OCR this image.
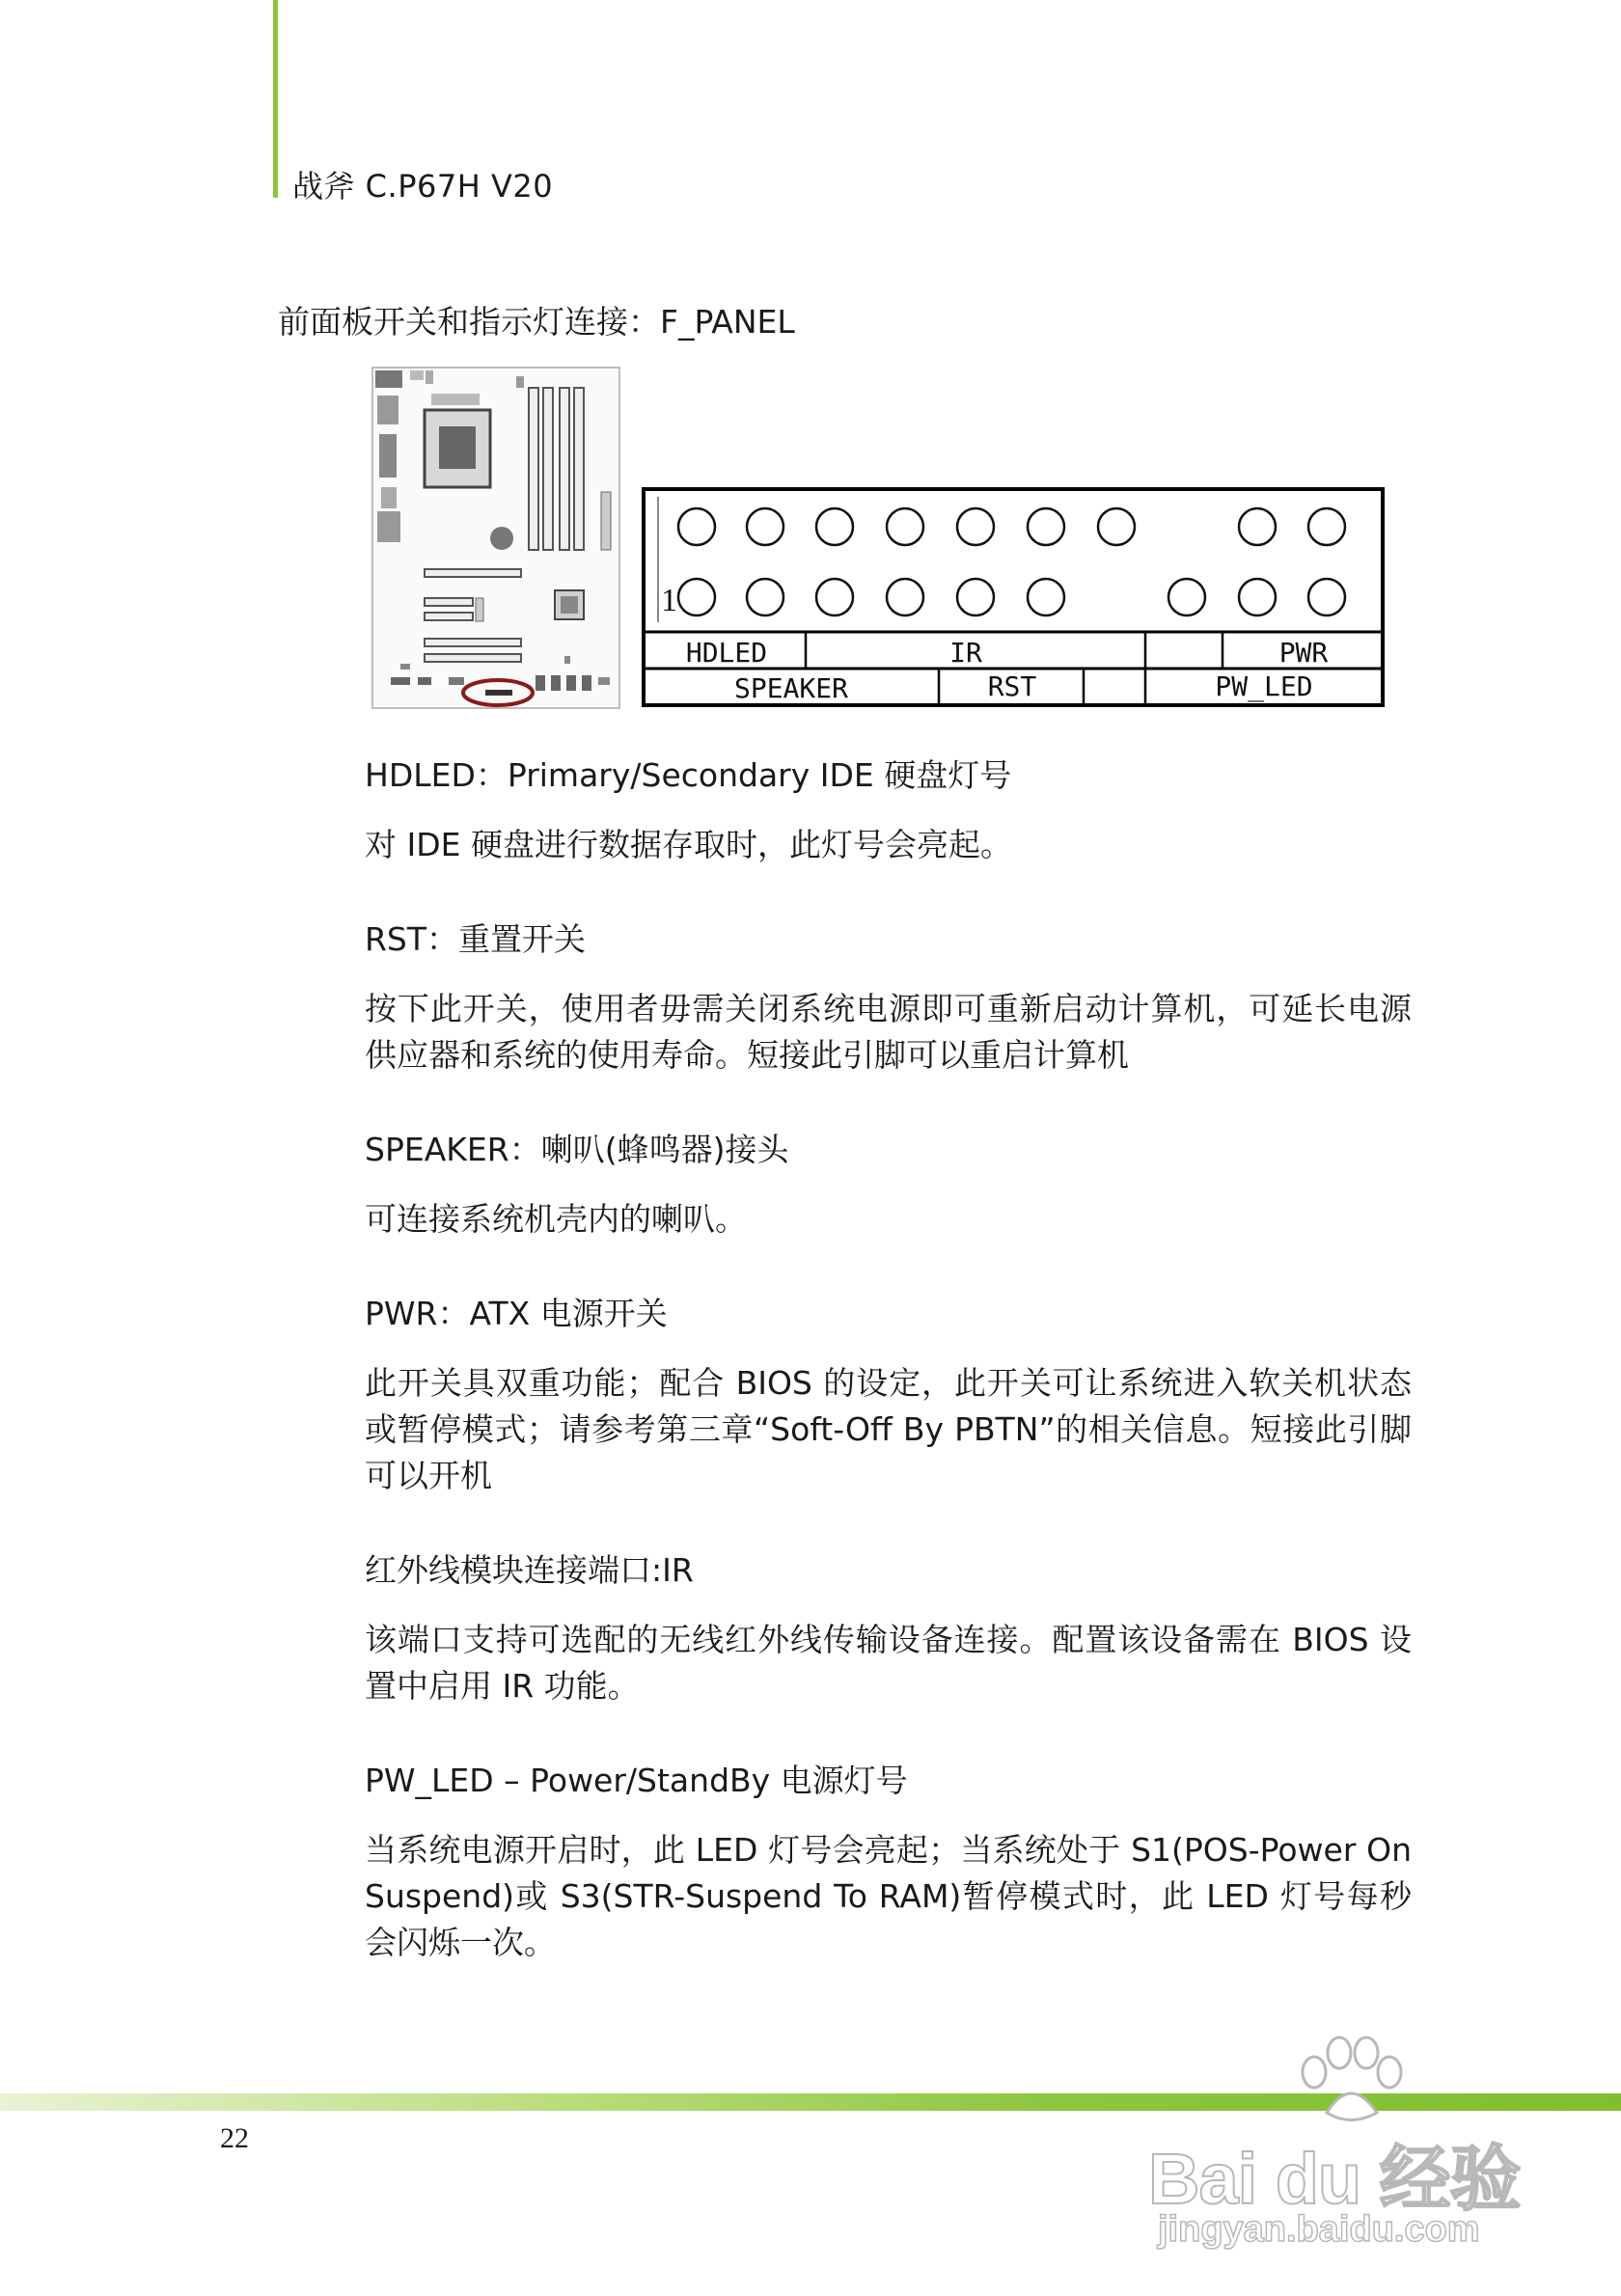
战斧 C.P67H V20
前面板开关和指示灯连接：F_PANEL
1
HDLED	IR	PWR
SPEAKER	RST	PW_LED

HDLED：Primary/Secondary IDE 硬盘灯号

对 IDE 硬盘进行数据存取时，此灯号会亮起。

RST：重置开关

按下此开关，使用者毋需关闭系统电源即可重新启动计算机，可延长电源供应器和系统的使用寿命。短接此引脚可以重启计算机

SPEAKER：喇叭(蜂鸣器)接头

可连接系统机壳内的喇叭。

PWR：ATX 电源开关

此开关具双重功能；配合 BIOS 的设定，此开关可让系统进入软关机状态或暂停模式；请参考第三章“Soft-Off By PBTN”的相关信息。短接此引脚可以开机

红外线模块连接端口:IR

该端口支持可选配的无线红外线传输设备连接。配置该设备需在 BIOS 设置中启用 IR 功能。

PW_LED – Power/StandBy 电源灯号

当系统电源开启时，此 LED 灯号会亮起；当系统处于 S1(POS-Power On Suspend)或 S3(STR-Suspend To RAM)暂停模式时，此 LED 灯号每秒会闪烁一次。

22
Bai du 经验
jingyan.baidu.com
